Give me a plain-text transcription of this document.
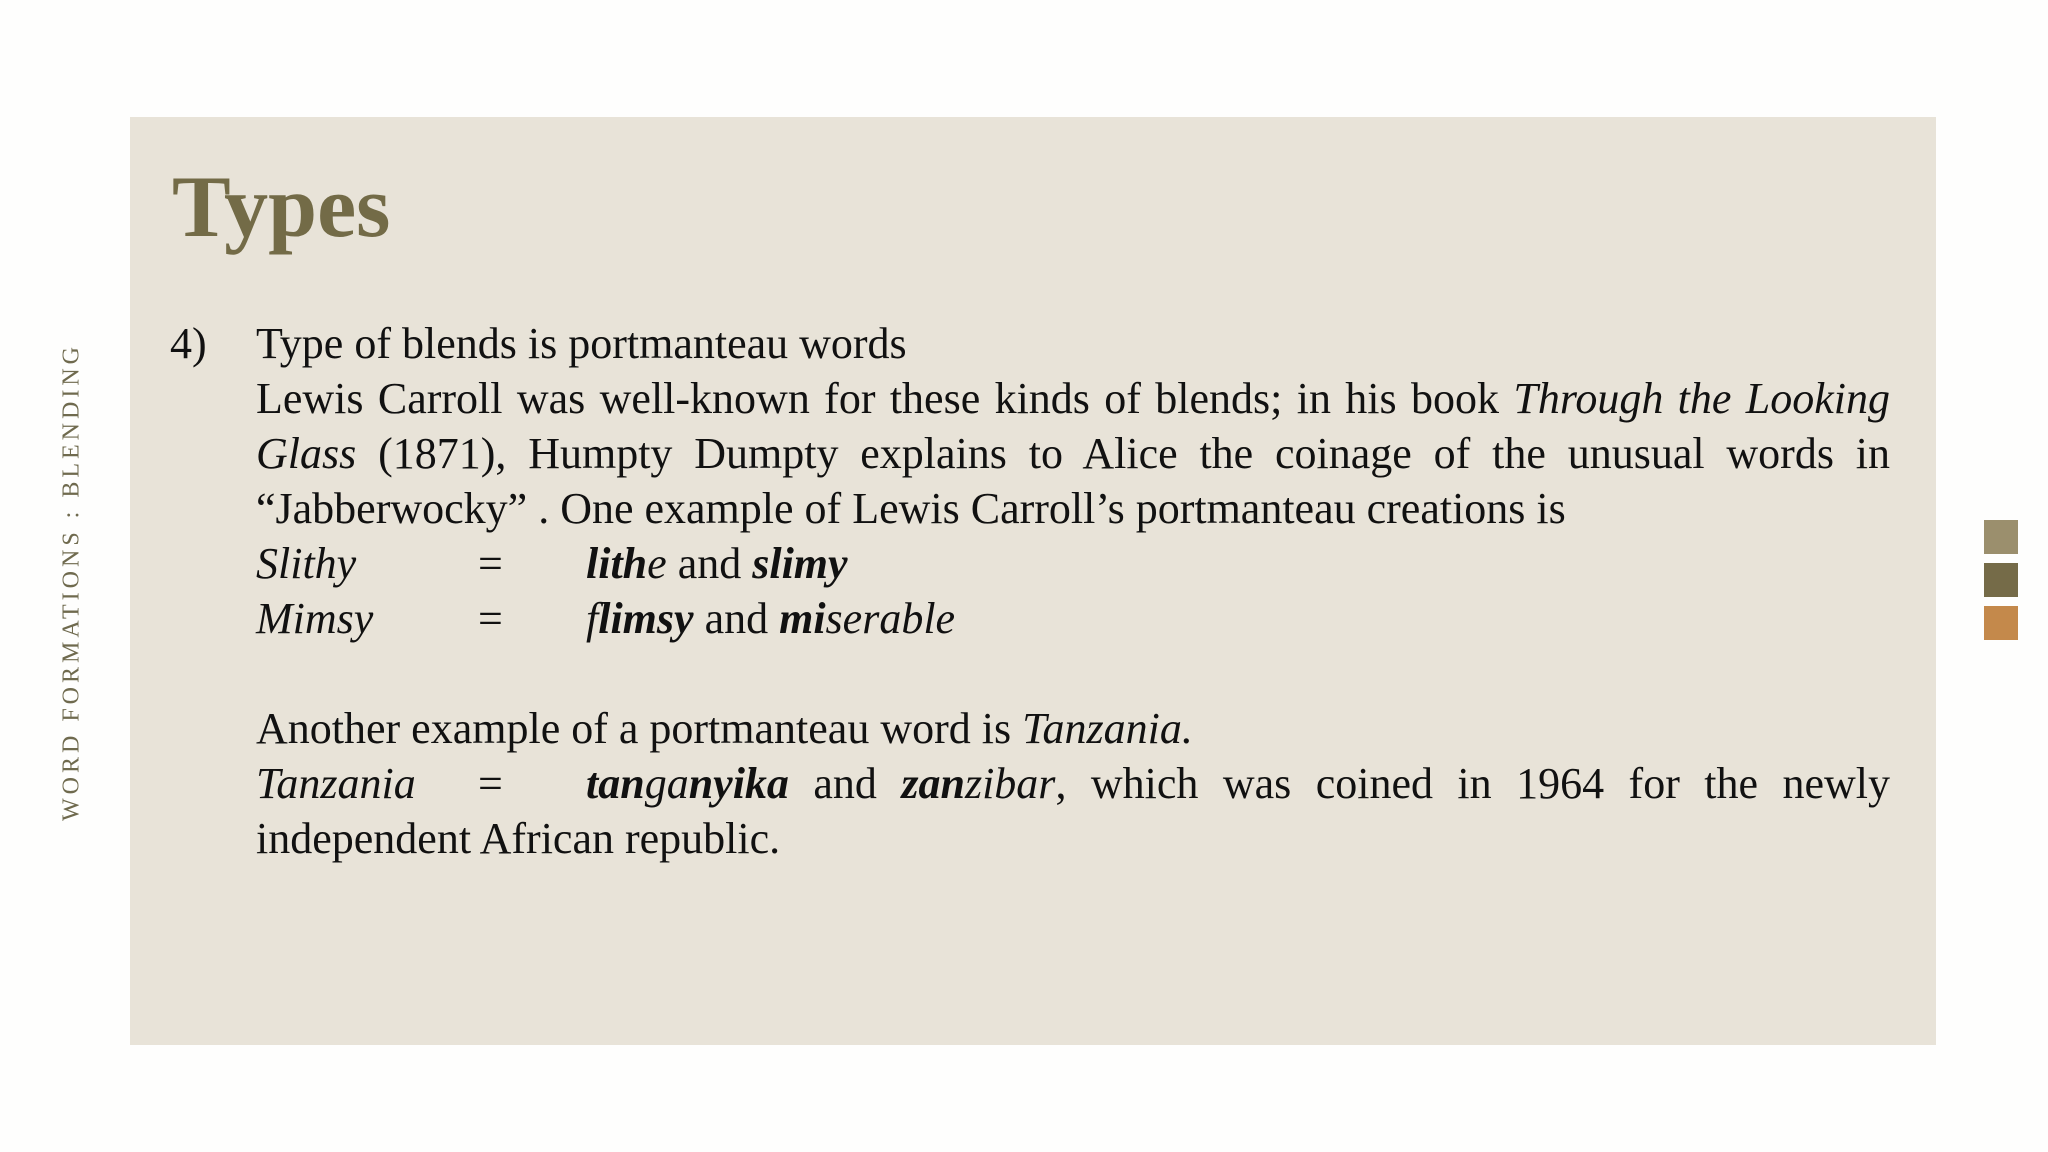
WORD FORMATIONS : BLENDING
Types
4) Type of blends is portmanteau words
Lewis Carroll was well-known for these kinds of blends; in his book Through the Looking Glass (1871), Humpty Dumpty explains to Alice the coinage of the unusual words in “Jabberwocky” . One example of Lewis Carroll’s portmanteau creations is
Slithy	=	lithe and slimy
Mimsy	=	flimsy and miserable
Another example of a portmanteau word is Tanzania.
Tanzania	=	tanganyika and zanzibar, which was coined in 1964 for the newly
independent African republic.
